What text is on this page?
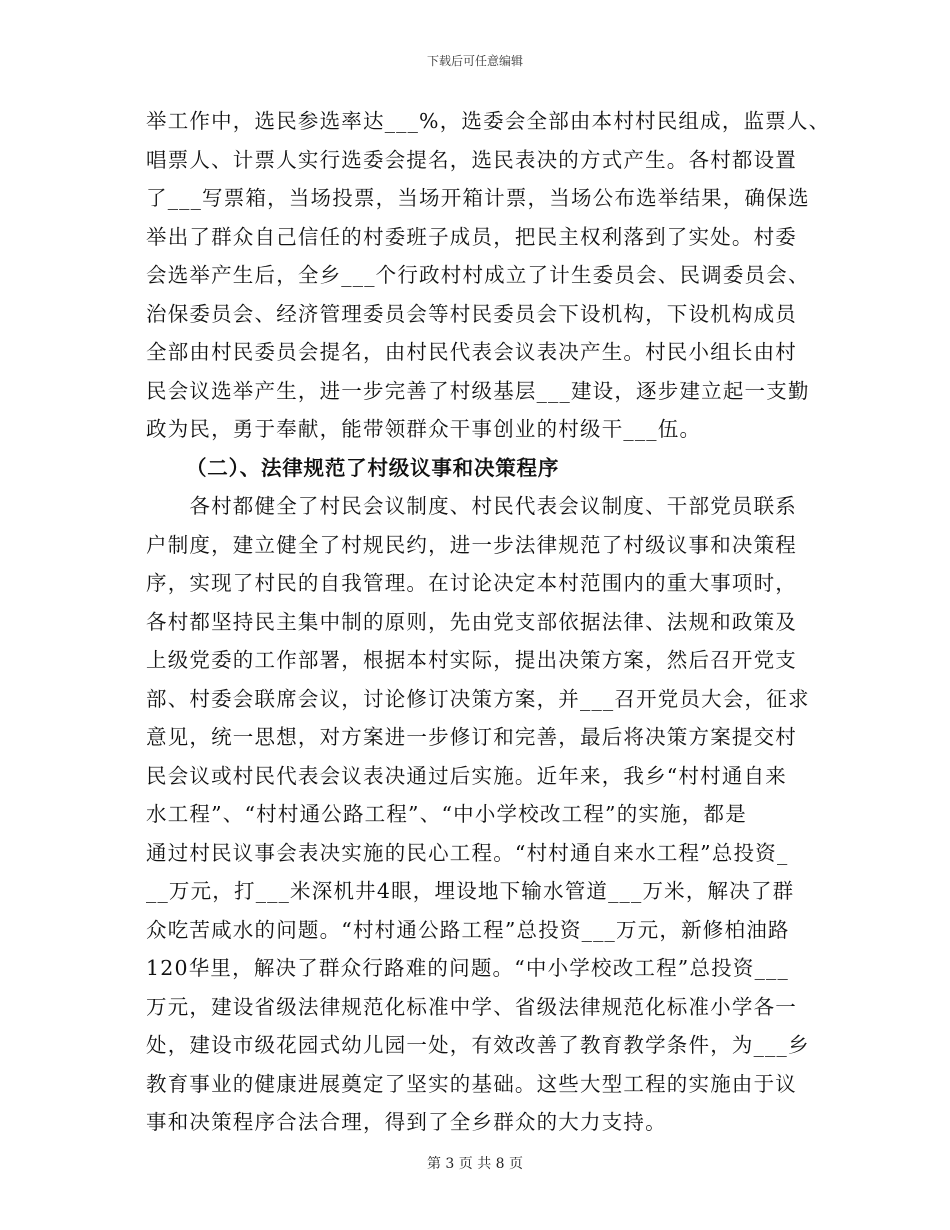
下载后可任意编辑
举工作中，选民参选率达___%，选委会全部由本村村民组成，监票人、
唱票人、计票人实行选委会提名，选民表决的方式产生。各村都设置
了___写票箱，当场投票，当场开箱计票，当场公布选举结果，确保选
举出了群众自己信任的村委班子成员，把民主权利落到了实处。村委
会选举产生后，全乡___个行政村村成立了计生委员会、民调委员会、
治保委员会、经济管理委员会等村民委员会下设机构，下设机构成员
全部由村民委员会提名，由村民代表会议表决产生。村民小组长由村
民会议选举产生，进一步完善了村级基层___建设，逐步建立起一支勤
政为民，勇于奉献，能带领群众干事创业的村级干___伍。
（二）、法律规范了村级议事和决策程序
　　各村都健全了村民会议制度、村民代表会议制度、干部党员联系
户制度，建立健全了村规民约，进一步法律规范了村级议事和决策程
序，实现了村民的自我管理。在讨论决定本村范围内的重大事项时，
各村都坚持民主集中制的原则，先由党支部依据法律、法规和政策及
上级党委的工作部署，根据本村实际，提出决策方案，然后召开党支
部、村委会联席会议，讨论修订决策方案，并___召开党员大会，征求
意见，统一思想，对方案进一步修订和完善，最后将决策方案提交村
民会议或村民代表会议表决通过后实施。近年来，我乡“村村通自来
水工程”、“村村通公路工程”、“中小学校改工程”的实施，都是
通过村民议事会表决实施的民心工程。“村村通自来水工程”总投资_
__万元，打___米深机井4眼，埋设地下输水管道___万米，解决了群
众吃苦咸水的问题。“村村通公路工程”总投资___万元，新修柏油路
120华里，解决了群众行路难的问题。“中小学校改工程”总投资___
万元，建设省级法律规范化标准中学、省级法律规范化标准小学各一
处，建设市级花园式幼儿园一处，有效改善了教育教学条件，为___乡
教育事业的健康进展奠定了坚实的基础。这些大型工程的实施由于议
事和决策程序合法合理，得到了全乡群众的大力支持。
第 3 页 共 8 页
